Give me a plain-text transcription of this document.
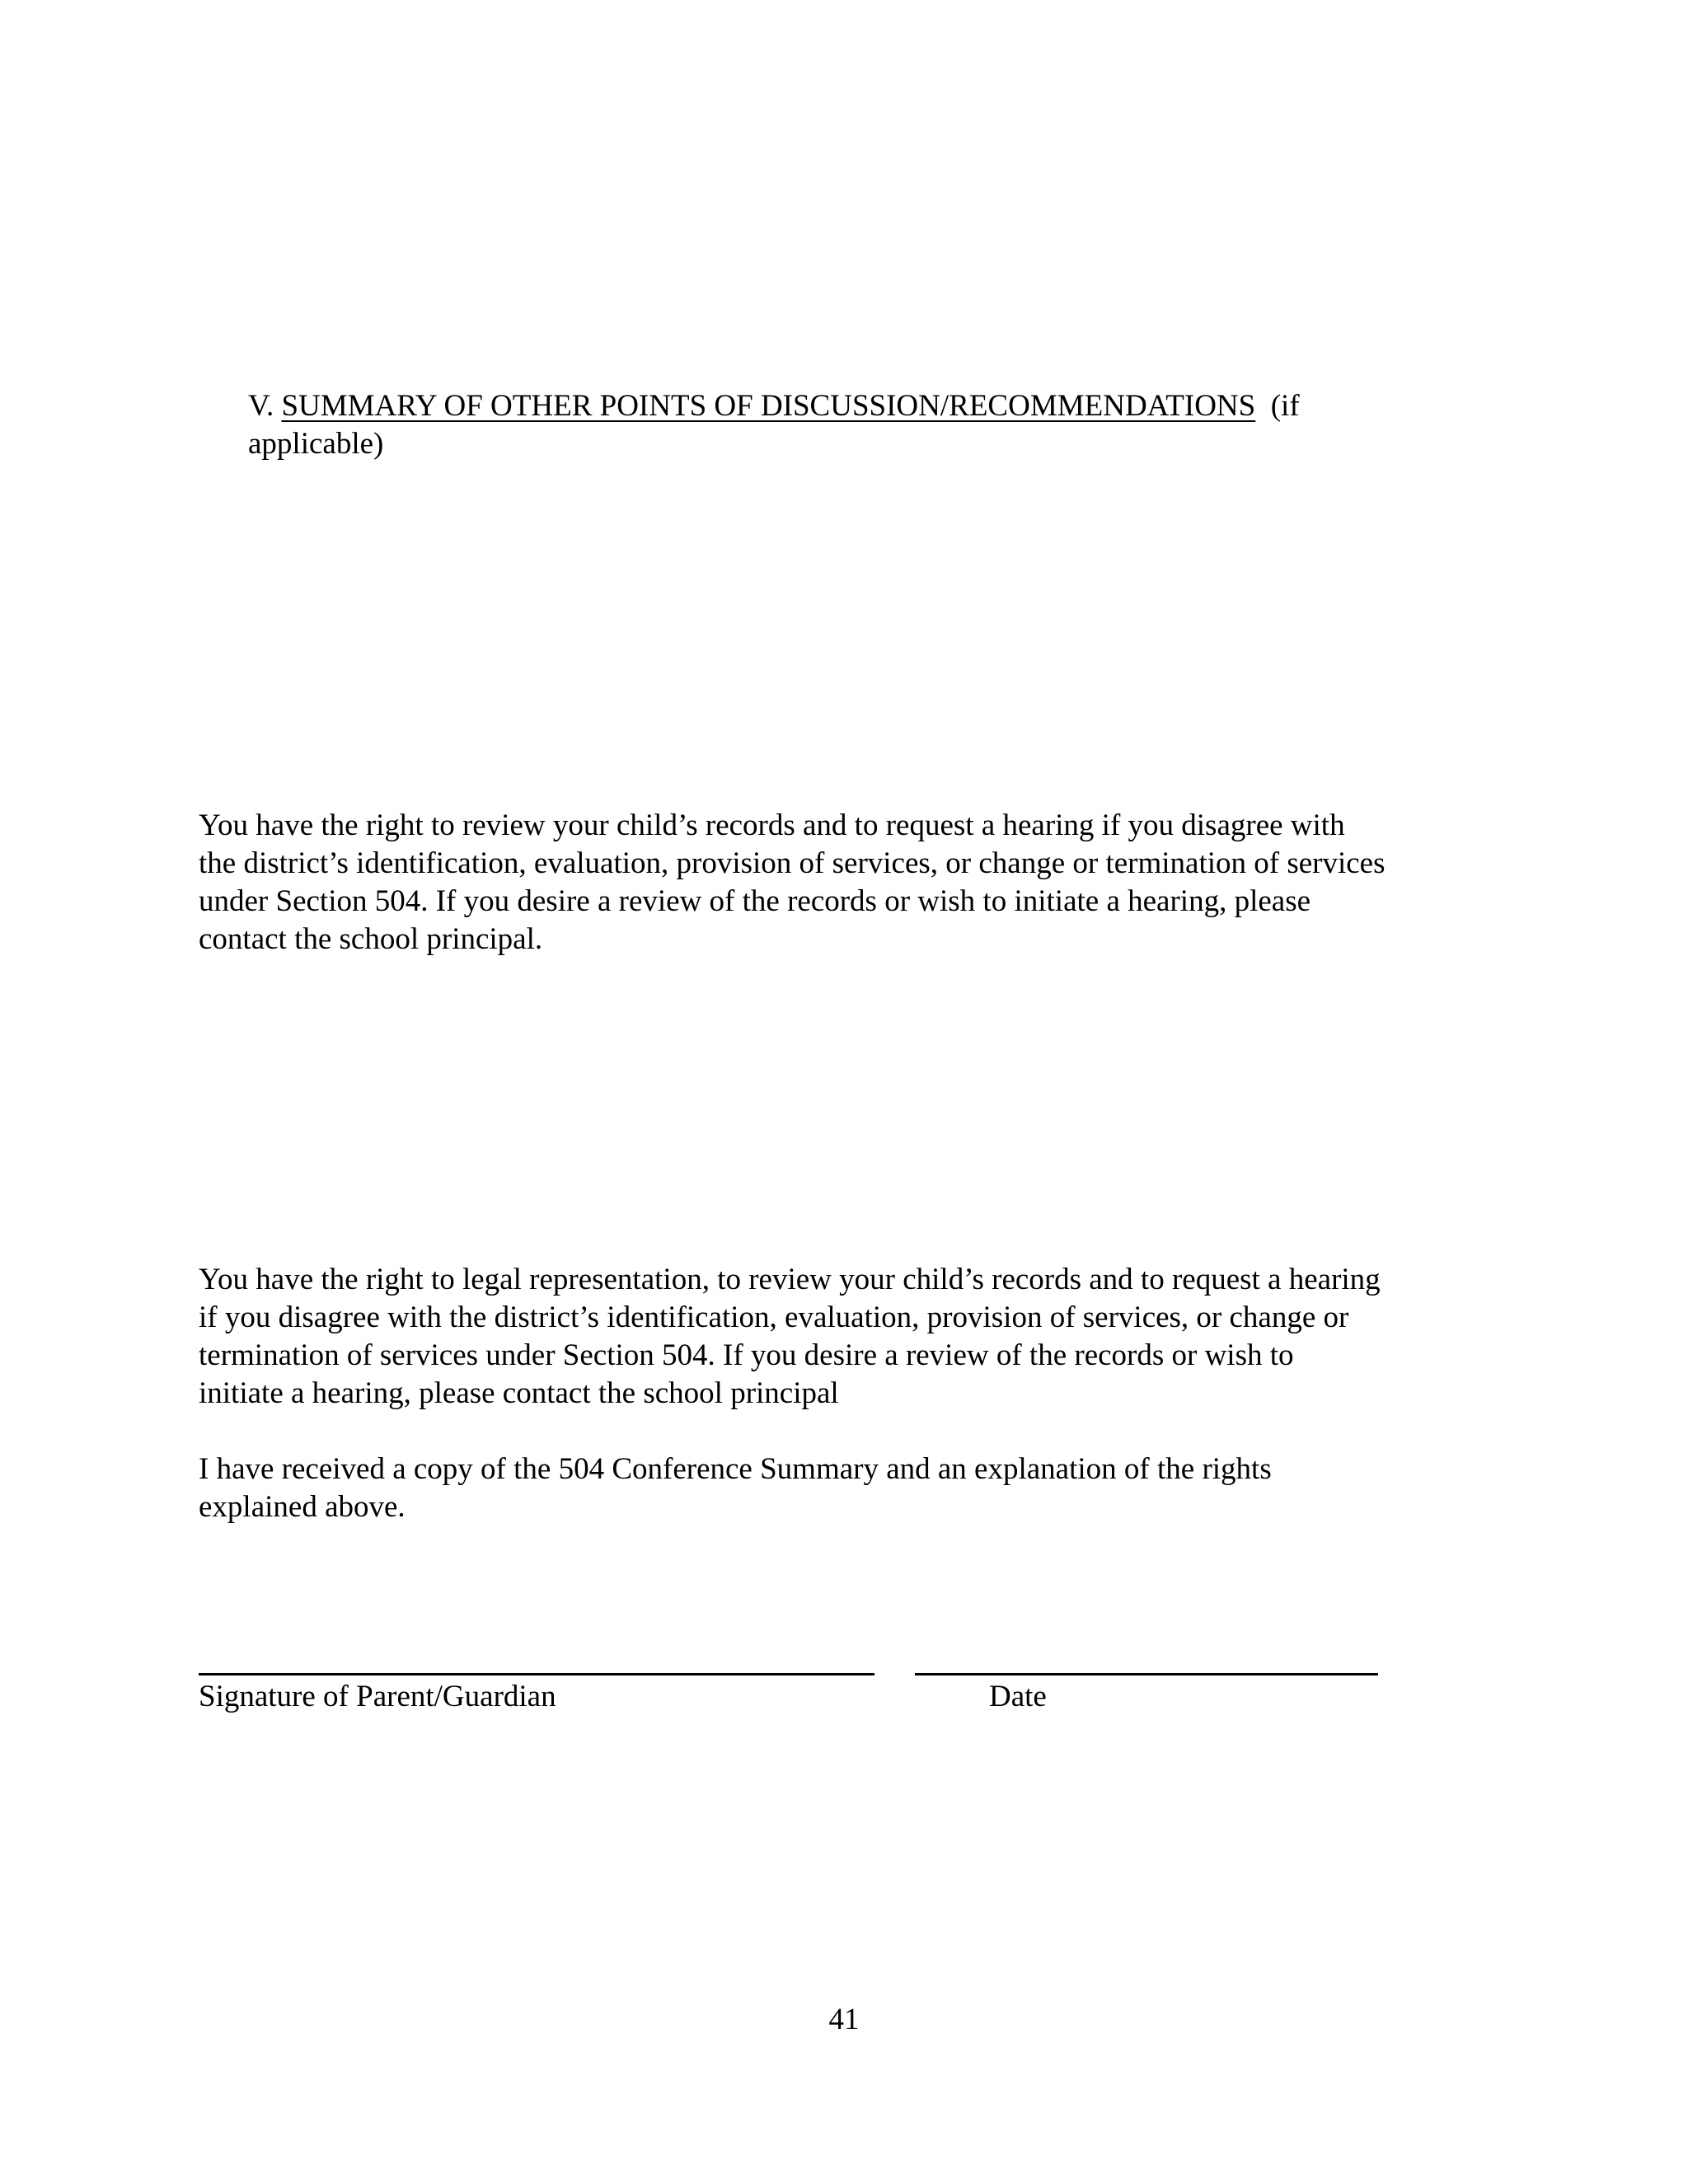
V. SUMMARY OF OTHER POINTS OF DISCUSSION/RECOMMENDATIONS  (if
applicable)
You have the right to review your child’s records and to request a hearing if you disagree with
the district’s identification, evaluation, provision of services, or change or termination of services
under Section 504. If you desire a review of the records or wish to initiate a hearing, please
contact the school principal.
You have the right to legal representation, to review your child’s records and to request a hearing
if you disagree with the district’s identification, evaluation, provision of services, or change or
termination of services under Section 504. If you desire a review of the records or wish to
initiate a hearing, please contact the school principal
I have received a copy of the 504 Conference Summary and an explanation of the rights
explained above.
Signature of Parent/Guardian	Date
41
